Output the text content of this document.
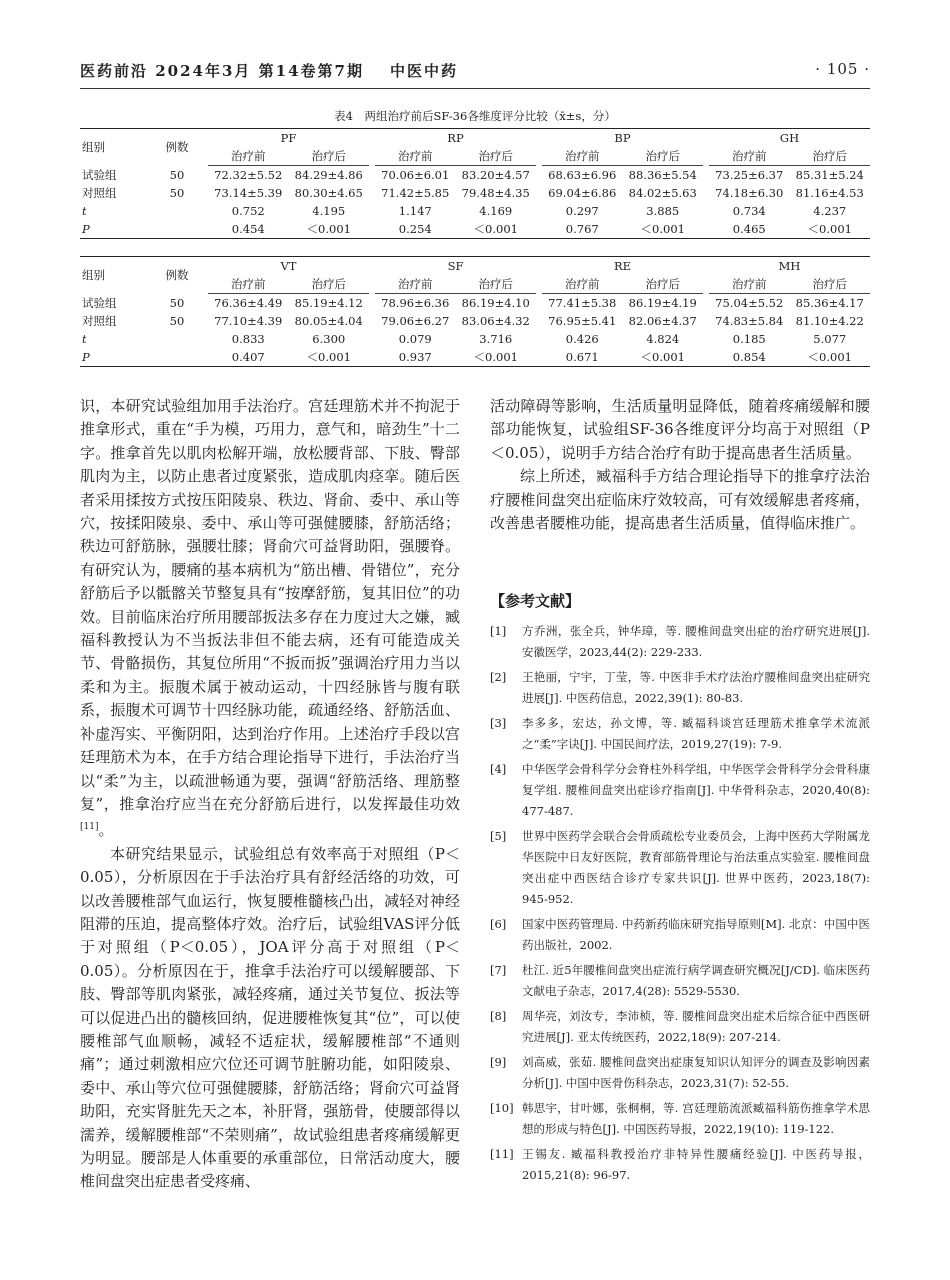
医药前沿 2024年3月 第14卷第7期 中医中药	· 105 ·
表4　两组治疗前后SF-36各维度评分比较（x̄±s，分）
组别	例数		PF			RP			BP			GH	
			治疗前	治疗后		治疗前	治疗后		治疗前	治疗后		治疗前	治疗后
试验组	50		72.32±5.52	84.29±4.86		70.06±6.01	83.20±4.57		68.63±6.96	88.36±5.54		73.25±6.37	85.31±5.24
对照组	50		73.14±5.39	80.30±4.65		71.42±5.85	79.48±4.35		69.04±6.86	84.02±5.63		74.18±6.30	81.16±4.53
t			0.752	4.195		1.147	4.169		0.297	3.885		0.734	4.237
P			0.454	＜0.001		0.254	＜0.001		0.767	＜0.001		0.465	＜0.001
组别	例数		VT			SF			RE			MH	
			治疗前	治疗后		治疗前	治疗后		治疗前	治疗后		治疗前	治疗后
试验组	50		76.36±4.49	85.19±4.12		78.96±6.36	86.19±4.10		77.41±5.38	86.19±4.19		75.04±5.52	85.36±4.17
对照组	50		77.10±4.39	80.05±4.04		79.06±6.27	83.06±4.32		76.95±5.41	82.06±4.37		74.83±5.84	81.10±4.22
t			0.833	6.300		0.079	3.716		0.426	4.824		0.185	5.077
P			0.407	＜0.001		0.937	＜0.001		0.671	＜0.001		0.854	＜0.001

识，本研究试验组加用手法治疗。宫廷理筋术并不拘泥于推拿形式，重在“手为模，巧用力，意气和，暗劲生”十二字。推拿首先以肌肉松解开端，放松腰背部、下肢、臀部肌肉为主，以防止患者过度紧张，造成肌肉痉挛。随后医者采用揉按方式按压阳陵泉、秩边、肾俞、委中、承山等穴，按揉阳陵泉、委中、承山等可强健腰膝，舒筋活络；秩边可舒筋脉，强腰壮膝；肾俞穴可益肾助阳，强腰脊。有研究认为，腰痛的基本病机为“筋出槽、骨错位”，充分舒筋后予以骶髂关节整复具有“按摩舒筋，复其旧位”的功效。目前临床治疗所用腰部扳法多存在力度过大之嫌，臧福科教授认为不当扳法非但不能去病，还有可能造成关节、骨骼损伤，其复位所用“不扳而扳”强调治疗用力当以柔和为主。振腹术属于被动运动，十四经脉皆与腹有联系，振腹术可调节十四经脉功能，疏通经络、舒筋活血、补虚泻实、平衡阴阳，达到治疗作用。上述治疗手段以宫廷理筋术为本，在手方结合理论指导下进行，手法治疗当以“柔”为主，以疏泄畅通为要，强调“舒筋活络、理筋整复”，推拿治疗应当在充分舒筋后进行，以发挥最佳功效[11]。

本研究结果显示，试验组总有效率高于对照组（P＜0.05），分析原因在于手法治疗具有舒经活络的功效，可以改善腰椎部气血运行，恢复腰椎髓核凸出，减轻对神经阻滞的压迫，提高整体疗效。治疗后，试验组VAS评分低于对照组（P＜0.05），JOA评分高于对照组（P＜0.05）。分析原因在于，推拿手法治疗可以缓解腰部、下肢、臀部等肌肉紧张，减轻疼痛，通过关节复位、扳法等可以促进凸出的髓核回纳，促进腰椎恢复其“位”，可以使腰椎部气血顺畅，减轻不适症状，缓解腰椎部“不通则痛”；通过刺激相应穴位还可调节脏腑功能，如阳陵泉、委中、承山等穴位可强健腰膝，舒筋活络；肾俞穴可益肾助阳，充实肾脏先天之本，补肝肾，强筋骨，使腰部得以濡养，缓解腰椎部“不荣则痛”，故试验组患者疼痛缓解更为明显。腰部是人体重要的承重部位，日常活动度大，腰椎间盘突出症患者受疼痛、

活动障碍等影响，生活质量明显降低，随着疼痛缓解和腰部功能恢复，试验组SF-36各维度评分均高于对照组（P＜0.05），说明手方结合治疗有助于提高患者生活质量。

综上所述，臧福科手方结合理论指导下的推拿疗法治疗腰椎间盘突出症临床疗效较高，可有效缓解患者疼痛，改善患者腰椎功能，提高患者生活质量，值得临床推广。

【参考文献】
[1] 方乔洲，张全兵，钟华璋，等. 腰椎间盘突出症的治疗研究进展[J]. 安徽医学，2023,44(2): 229-233.
[2] 王艳丽，宁宇，丁莹，等. 中医非手术疗法治疗腰椎间盘突出症研究进展[J]. 中医药信息，2022,39(1): 80-83.
[3] 李多多，宏达，孙文博，等. 臧福科谈宫廷理筋术推拿学术流派之“柔”字诀[J]. 中国民间疗法，2019,27(19): 7-9.
[4] 中华医学会骨科学分会脊柱外科学组，中华医学会骨科学分会骨科康复学组. 腰椎间盘突出症诊疗指南[J]. 中华骨科杂志，2020,40(8): 477-487.
[5] 世界中医药学会联合会骨质疏松专业委员会，上海中医药大学附属龙华医院中日友好医院，教育部筋骨理论与治法重点实验室. 腰椎间盘突出症中西医结合诊疗专家共识[J]. 世界中医药，2023,18(7): 945-952.
[6] 国家中医药管理局. 中药新药临床研究指导原则[M]. 北京：中国中医药出版社，2002.
[7] 杜江. 近5年腰椎间盘突出症流行病学调查研究概况[J/CD]. 临床医药文献电子杂志，2017,4(28): 5529-5530.
[8] 周华亮，刘汝专，李沛桢，等. 腰椎间盘突出症术后综合征中西医研究进展[J]. 亚太传统医药，2022,18(9): 207-214.
[9] 刘高威，张茹. 腰椎间盘突出症康复知识认知评分的调查及影响因素分析[J]. 中国中医骨伤科杂志，2023,31(7): 52-55.
[10] 韩思宇，甘叶娜，张桐桐，等. 宫廷理筋流派臧福科筋伤推拿学术思想的形成与特色[J]. 中国医药导报，2022,19(10): 119-122.
[11] 王锡友. 臧福科教授治疗非特异性腰痛经验[J]. 中医药导报，2015,21(8): 96-97.
